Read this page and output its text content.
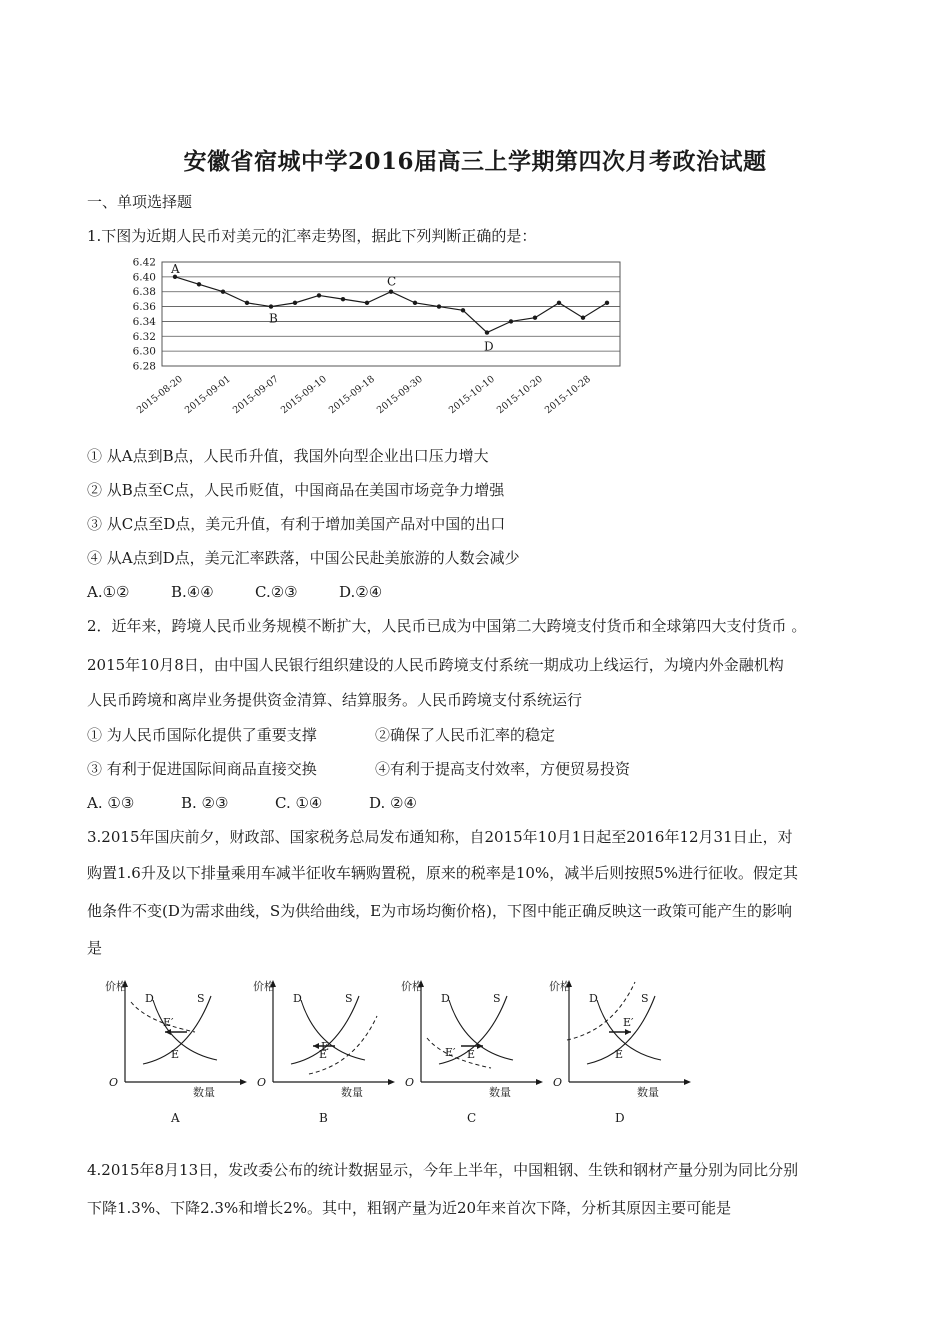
安徽省宿城中学2016届高三上学期第四次月考政治试题
一、单项选择题
1.下图为近期人民币对美元的汇率走势图，据此下列判断正确的是：
6.42
6.40
6.38
6.36
6.34
6.32
6.30
6.28
2015-08-20
2015-09-01
2015-09-07
2015-09-10
2015-09-18
2015-09-30 2015-10-10
2015-10-20
2015-10-28
A
B
C
D
① 从A点到B点，人民币升值，我国外向型企业出口压力增大
② 从B点至C点，人民币贬值，中国商品在美国市场竞争力增强
③ 从C点至D点，美元升值，有利于增加美国产品对中国的出口
④ 从A点到D点，美元汇率跌落，中国公民赴美旅游的人数会减少
A.①②	B.④④	C.②③	D.②④
2．近年来，跨境人民币业务规模不断扩大，人民币已成为中国第二大跨境支付货币和全球第四大支付货币 。
2015年10月8日，由中国人民银行组织建设的人民币跨境支付系统一期成功上线运行，为境内外金融机构
人民币跨境和离岸业务提供资金清算、结算服务。人民币跨境支付系统运行
① 为人民币国际化提供了重要支撑	②确保了人民币汇率的稳定
③ 有利于促进国际间商品直接交换	④有利于提高支付效率，方便贸易投资
A. ①③	B. ②③	C. ①④	D. ②④
3.2015年国庆前夕，财政部、国家税务总局发布通知称，自2015年10月1日起至2016年12月31日止，对
购置1.6升及以下排量乘用车减半征收车辆购置税，原来的税率是10%，减半后则按照5%进行征收。假定其
他条件不变(D为需求曲线，S为供给曲线，E为市场均衡价格)，下图中能正确反映这一政策可能产生的影响
是
价格
数量
O
D	S
E
E′
A
价格
数量
O
D	S
E
E′
B
价格
数量
O
D	S
E
E′
C
价格
数量
O
D	S
E
E′
D
4.2015年8月13日，发改委公布的统计数据显示，今年上半年，中国粗钢、生铁和钢材产量分别为同比分别
下降1.3%、下降2.3%和增长2%。其中，粗钢产量为近20年来首次下降，分析其原因主要可能是
